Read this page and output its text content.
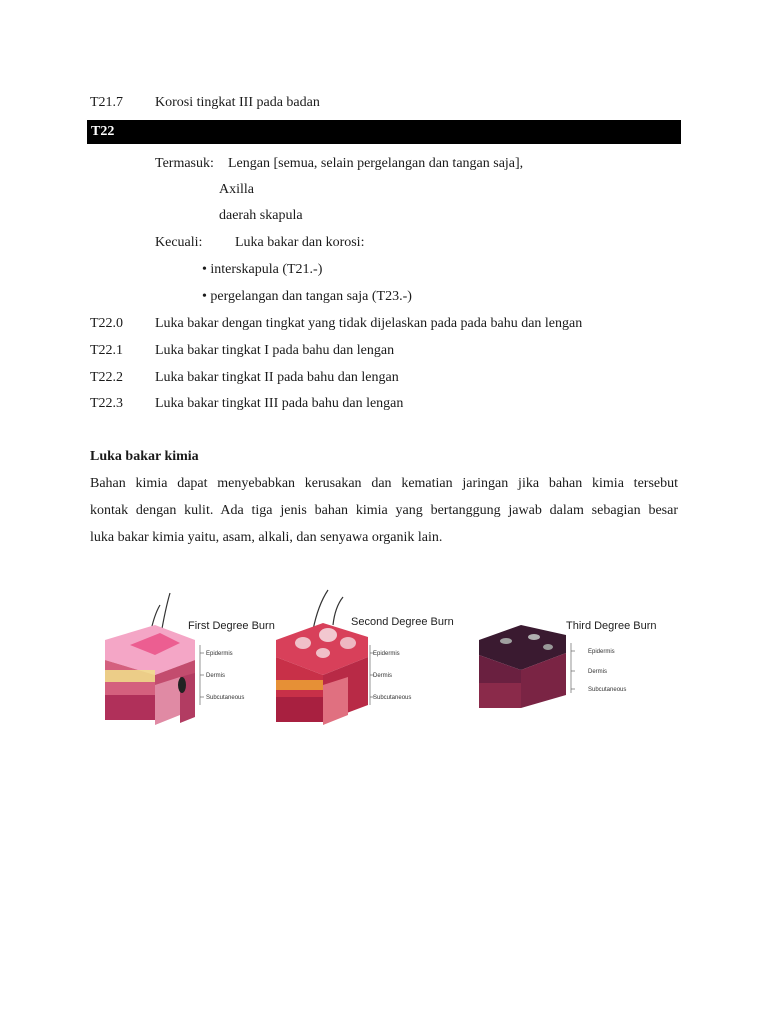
T21.7 Korosi tingkat III pada badan
T22
Termasuk: Lengan [semua, selain pergelangan dan tangan saja],
Axilla
daerah skapula
Kecuali: Luka bakar dan korosi:
• interskapula (T21.-)
• pergelangan dan tangan saja (T23.-)
T22.0 Luka bakar dengan tingkat yang tidak dijelaskan pada pada bahu dan lengan
T22.1 Luka bakar tingkat I pada bahu dan lengan
T22.2 Luka bakar tingkat II pada bahu dan lengan
T22.3 Luka bakar tingkat III pada bahu dan lengan
Luka bakar kimia
Bahan kimia dapat menyebabkan kerusakan dan kematian jaringan jika bahan kimia tersebut
kontak dengan kulit. Ada tiga jenis bahan kimia yang bertanggung jawab dalam sebagian besar
luka bakar kimia yaitu, asam, alkali, dan senyawa organik lain.
First Degree Burn
Epidermis
Dermis
Subcutaneous
Second Degree Burn
Epidermis
Dermis
Subcutaneous
Third Degree Burn
Epidermis
Dermis
Subcutaneous
